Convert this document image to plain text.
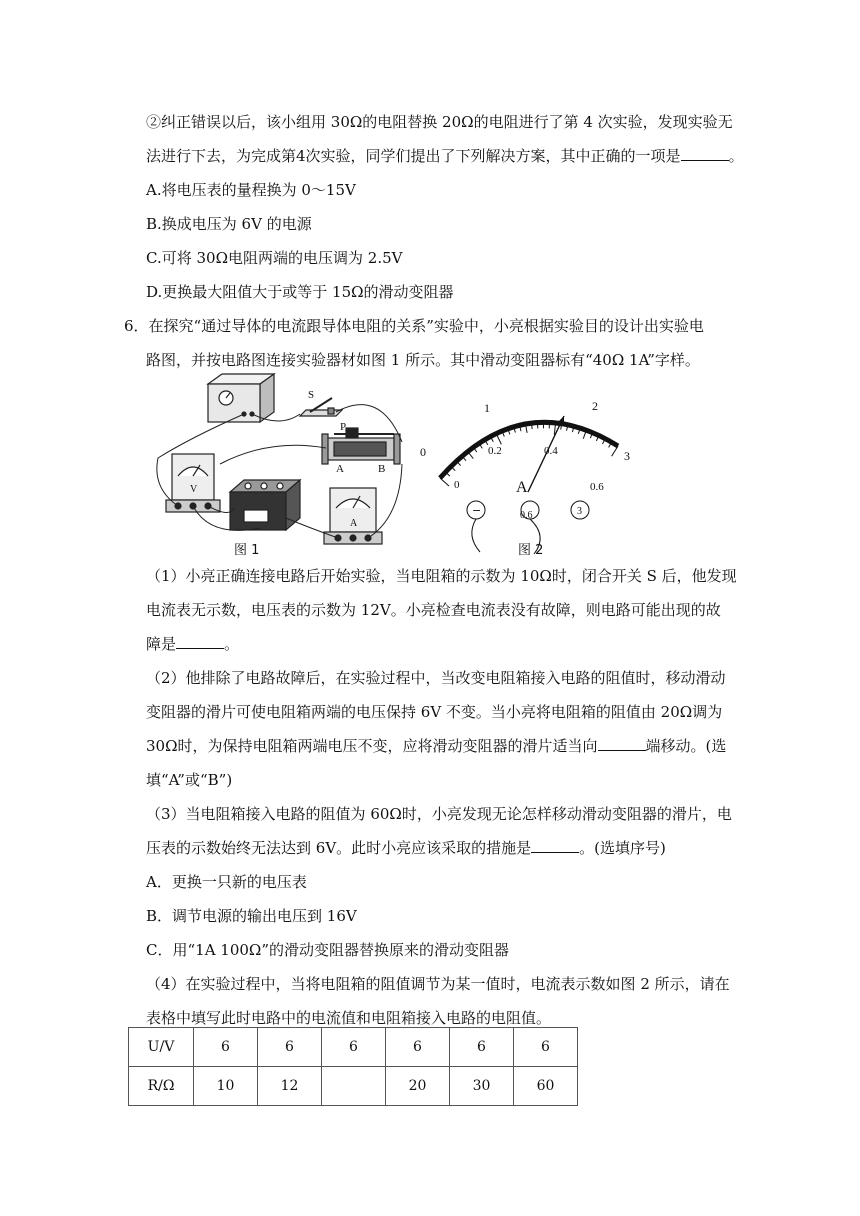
②纠正错误以后，该小组用 30Ω的电阻替换 20Ω的电阻进行了第 4 次实验，发现实验无
法进行下去，为完成第4次实验，同学们提出了下列解决方案，其中正确的一项是	。
A.将电压表的量程换为 0～15V
B.换成电压为 6V 的电源
C.可将 30Ω电阻两端的电压调为 2.5V
D.更换最大阻值大于或等于 15Ω的滑动变阻器
6．在探究“通过导体的电流跟导体电阻的关系”实验中，小亮根据实验目的设计出实验电
路图，并按电路图连接实验器材如图 1 所示。其中滑动变阻器标有“40Ω 1A”字样。
S
P
A	B
V
A
图 1
0
1	2
3
0
0.2	0.4
0.6
A
−	0.6	3
图 2
（1）小亮正确连接电路后开始实验，当电阻箱的示数为 10Ω时，闭合开关 S 后，他发现
电流表无示数，电压表的示数为 12V。小亮检查电流表没有故障，则电路可能出现的故
障是	。
（2）他排除了电路故障后，在实验过程中，当改变电阻箱接入电路的阻值时，移动滑动
变阻器的滑片可使电阻箱两端的电压保持 6V 不变。当小亮将电阻箱的阻值由 20Ω调为
30Ω时，为保持电阻箱两端电压不变，应将滑动变阻器的滑片适当向	端移动。(选
填“A”或“B”)
（3）当电阻箱接入电路的阻值为 60Ω时，小亮发现无论怎样移动滑动变阻器的滑片，电
压表的示数始终无法达到 6V。此时小亮应该采取的措施是	。(选填序号)
A．更换一只新的电压表
B．调节电源的输出电压到 16V
C．用“1A 100Ω”的滑动变阻器替换原来的滑动变阻器
（4）在实验过程中，当将电阻箱的阻值调节为某一值时，电流表示数如图 2 所示，请在
表格中填写此时电路中的电流值和电阻箱接入电路的电阻值。
U/V	6	6	6	6	6	6
R/Ω	10	12		20	30	60
